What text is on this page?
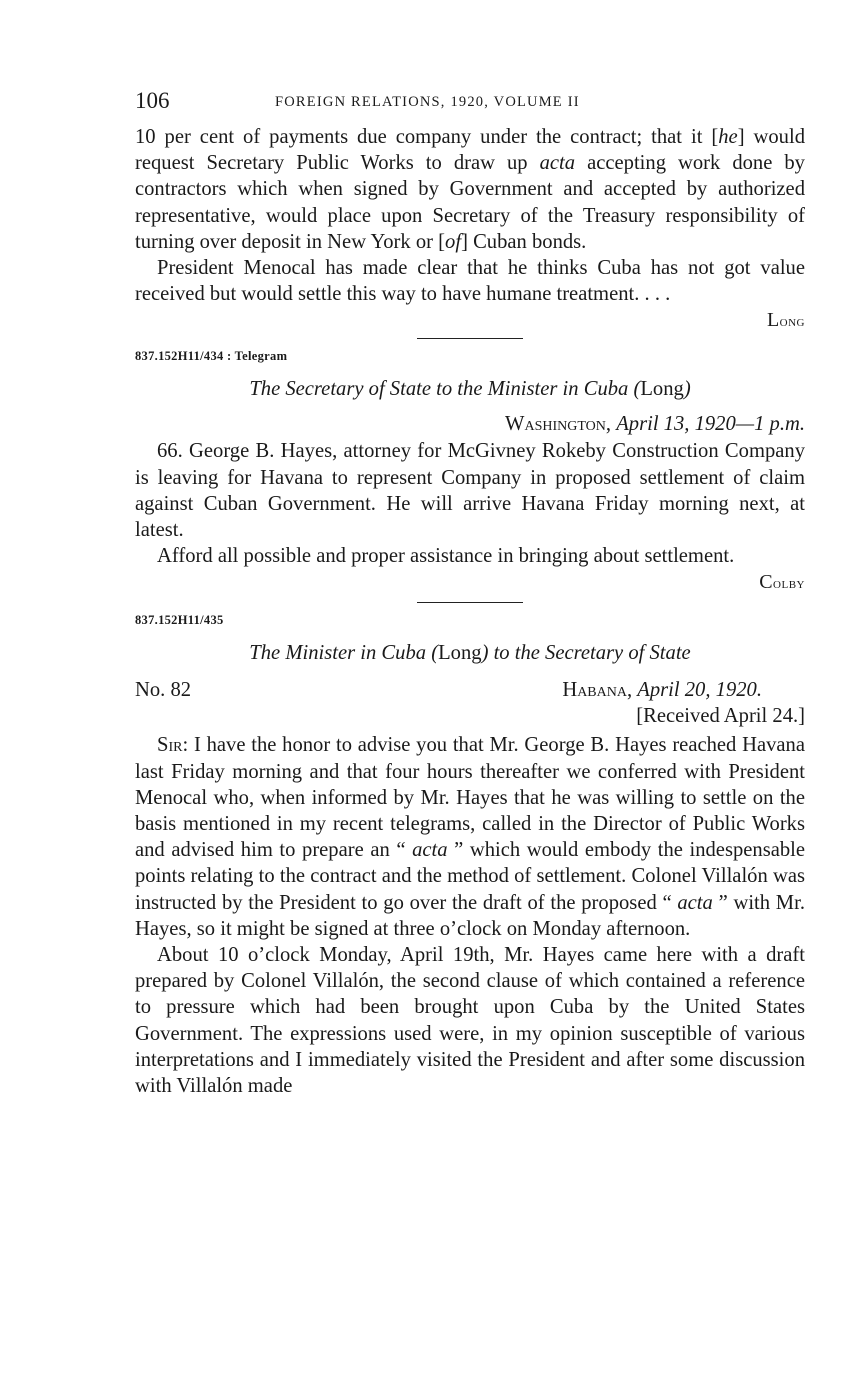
106	FOREIGN RELATIONS, 1920, VOLUME II

10 per cent of payments due company under the contract; that it [he] would request Secretary Public Works to draw up acta accepting work done by contractors which when signed by Government and accepted by authorized representative, would place upon Secretary of the Treasury responsibility of turning over deposit in New York or [of] Cuban bonds.

President Menocal has made clear that he thinks Cuba has not got value received but would settle this way to have humane treatment. . . .

Long
837.152H11/434 : Telegram
The Secretary of State to the Minister in Cuba (Long)
Washington, April 13, 1920—1 p.m.

66. George B. Hayes, attorney for McGivney Rokeby Construction Company is leaving for Havana to represent Company in proposed settlement of claim against Cuban Government. He will arrive Havana Friday morning next, at latest.

Afford all possible and proper assistance in bringing about settlement.

Colby
837.152H11/435
The Minister in Cuba (Long) to the Secretary of State
No. 82	Habana, April 20, 1920.
[Received April 24.]

Sir: I have the honor to advise you that Mr. George B. Hayes reached Havana last Friday morning and that four hours thereafter we conferred with President Menocal who, when informed by Mr. Hayes that he was willing to settle on the basis mentioned in my recent telegrams, called in the Director of Public Works and advised him to prepare an “ acta ” which would embody the indespensable points relating to the contract and the method of settlement. Colonel Villalón was instructed by the President to go over the draft of the proposed “ acta ” with Mr. Hayes, so it might be signed at three o’clock on Monday afternoon.

About 10 o’clock Monday, April 19th, Mr. Hayes came here with a draft prepared by Colonel Villalón, the second clause of which contained a reference to pressure which had been brought upon Cuba by the United States Government. The expressions used were, in my opinion susceptible of various interpretations and I immediately visited the President and after some discussion with Villalón made
